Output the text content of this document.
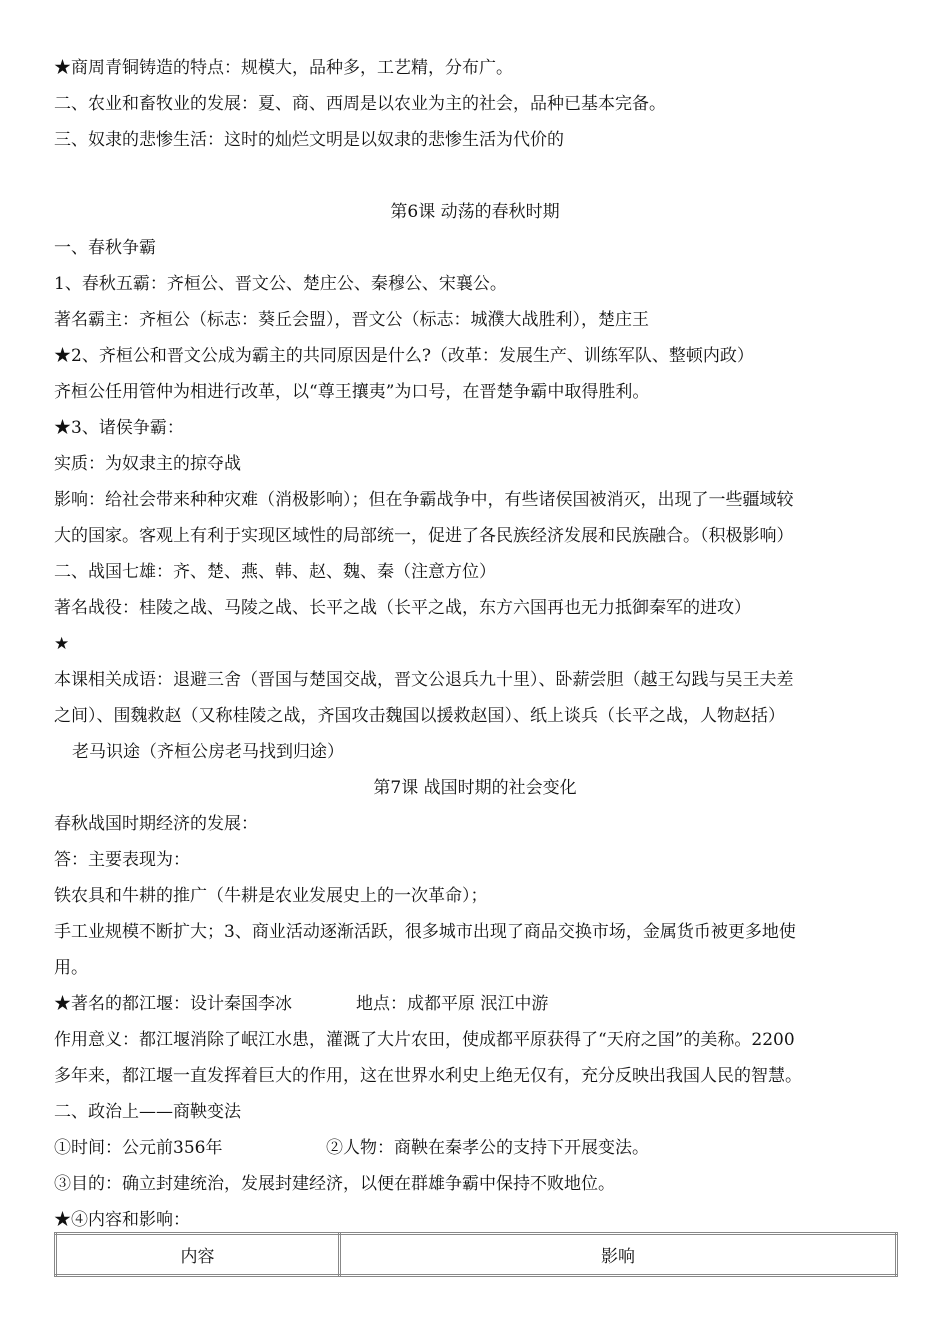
★商周青铜铸造的特点：规模大，品种多，工艺精，分布广。
二、农业和畜牧业的发展：夏、商、西周是以农业为主的社会，品种已基本完备。
三、奴隶的悲惨生活：这时的灿烂文明是以奴隶的悲惨生活为代价的
第6课 动荡的春秋时期
一、春秋争霸
1、春秋五霸：齐桓公、晋文公、楚庄公、秦穆公、宋襄公。
著名霸主：齐桓公（标志：葵丘会盟），晋文公（标志：城濮大战胜利），楚庄王
★2、齐桓公和晋文公成为霸主的共同原因是什么?（改革：发展生产、训练军队、整顿内政）
齐桓公任用管仲为相进行改革，以“尊王攘夷”为口号，在晋楚争霸中取得胜利。
★3、诸侯争霸：
实质：为奴隶主的掠夺战
影响：给社会带来种种灾难（消极影响）；但在争霸战争中，有些诸侯国被消灭，出现了一些疆域较
大的国家。客观上有利于实现区域性的局部统一，促进了各民族经济发展和民族融合。（积极影响）
二、战国七雄：齐、楚、燕、韩、赵、魏、秦（注意方位）
著名战役：桂陵之战、马陵之战、长平之战（长平之战，东方六国再也无力抵御秦军的进攻）
★
本课相关成语：退避三舍（晋国与楚国交战，晋文公退兵九十里）、卧薪尝胆（越王勾践与吴王夫差
之间）、围魏救赵（又称桂陵之战，齐国攻击魏国以援救赵国）、纸上谈兵（长平之战，人物赵括）
老马识途（齐桓公房老马找到归途）
第7课 战国时期的社会变化
春秋战国时期经济的发展：
答：主要表现为：
铁农具和牛耕的推广（牛耕是农业发展史上的一次革命）；
手工业规模不断扩大；3、商业活动逐渐活跃，很多城市出现了商品交换市场，金属货币被更多地使
用。
★著名的都江堰：设计秦国李冰	地点：成都平原 泯江中游
作用意义：都江堰消除了岷江水患，灌溉了大片农田，使成都平原获得了“天府之国”的美称。2200
多年来，都江堰一直发挥着巨大的作用，这在世界水利史上绝无仅有，充分反映出我国人民的智慧。
二、政治上——商鞅变法
①时间：公元前356年	②人物：商鞅在秦孝公的支持下开展变法。
③目的：确立封建统治，发展封建经济，以便在群雄争霸中保持不败地位。
★④内容和影响：
内容	影响
